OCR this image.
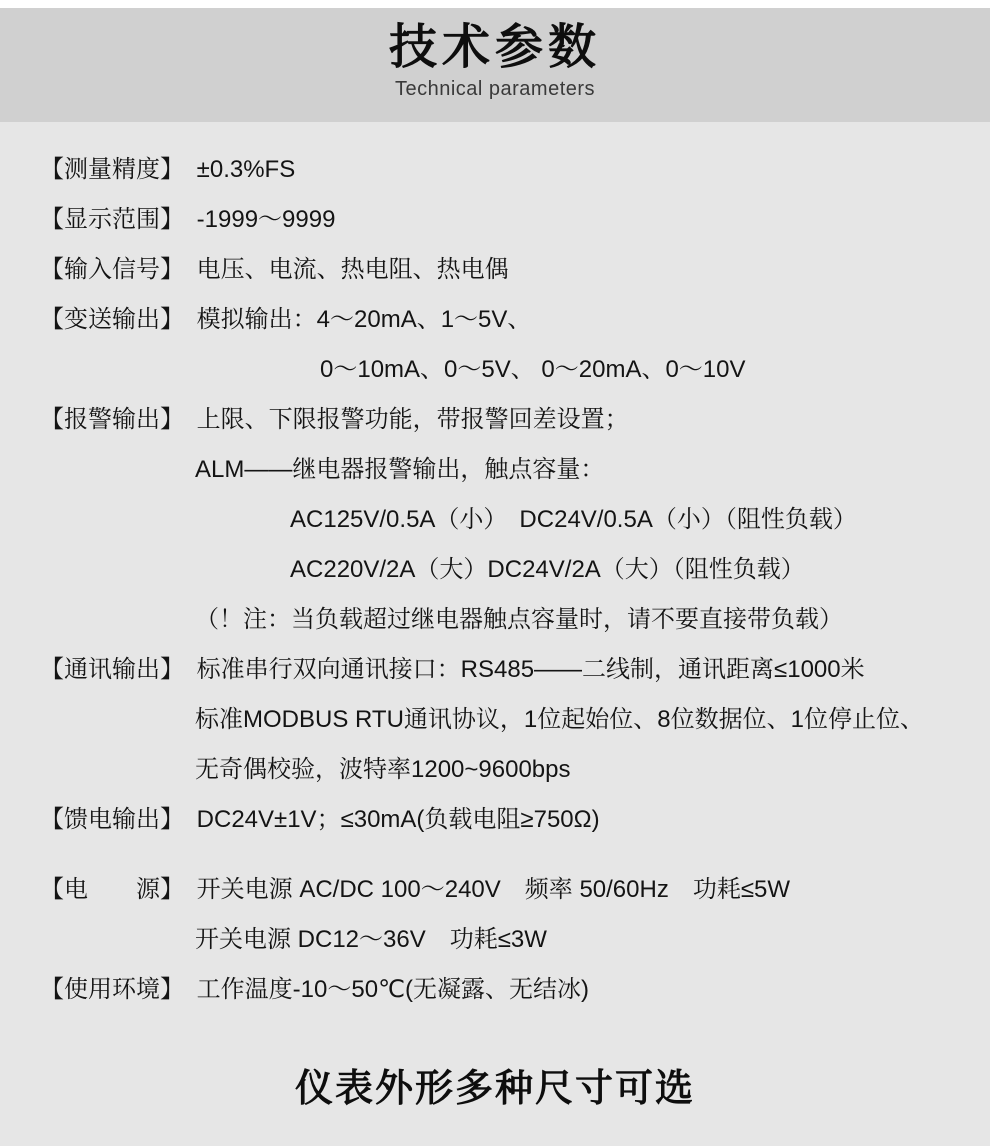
技术参数
Technical parameters
【测量精度】 ±0.3%FS
【显示范围】 -1999～9999
【输入信号】 电压、电流、热电阻、热电偶
【变送输出】 模拟输出：4～20mA、1～5V、
0～10mA、0～5V、 0～20mA、0～10V
【报警输出】 上限、下限报警功能，带报警回差设置；
ALM——继电器报警输出，触点容量：
AC125V/0.5A（小）　DC24V/0.5A（小）（阻性负载）
AC220V/2A（大）DC24V/2A（大）（阻性负载）
（！注：当负载超过继电器触点容量时，请不要直接带负载）
【通讯输出】 标准串行双向通讯接口：RS485——二线制，通讯距离≤1000米
标准MODBUS RTU通讯协议，1位起始位、8位数据位、1位停止位、
无奇偶校验，波特率1200~9600bps
【馈电输出】 DC24V±1V；≤30mA(负载电阻≥750Ω)
【电　　源】 开关电源 AC/DC 100～240V　频率 50/60Hz　功耗≤5W
开关电源 DC12～36V　功耗≤3W
【使用环境】 工作温度-10～50℃(无凝露、无结冰)
仪表外形多种尺寸可选
